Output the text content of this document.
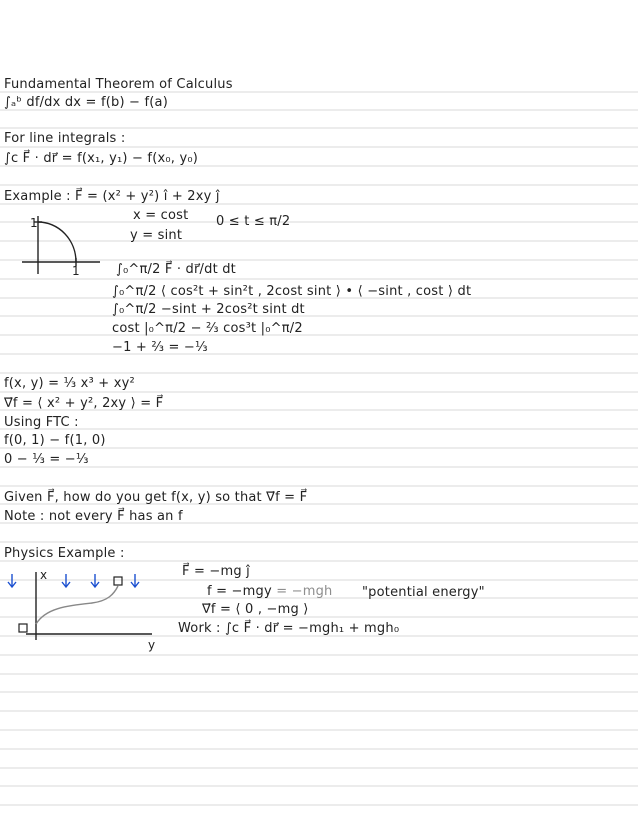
Fundamental Theorem of Calculus
∫ₐᵇ df/dx dx = f(b) − f(a)
For line integrals :
∫c F⃗ · dr⃗ = f(x₁, y₁) − f(x₀, y₀)
Example : F⃗ = (x² + y²) î + 2xy ĵ
1
1
x = cost
y = sint
0 ≤ t ≤ π/2
∫₀^π/2 F⃗ · dr⃗/dt dt
∫₀^π/2 ⟨ cos²t + sin²t , 2cost sint ⟩ • ⟨ −sint , cost ⟩ dt
∫₀^π/2 −sint + 2cos²t sint dt
cost |₀^π/2 − ⅔ cos³t |₀^π/2
−1 + ⅔ = −⅓
f(x, y) = ⅓ x³ + xy²
∇⃗f = ⟨ x² + y², 2xy ⟩ = F⃗
Using FTC :
f(0, 1) − f(1, 0)
0 − ⅓ = −⅓
Given F⃗, how do you get f(x, y) so that ∇⃗f = F⃗
Note : not every F⃗ has an f
Physics Example :
x
y
F⃗ = −mg ĵ
f = −mgy = −mgh "potential energy"
∇⃗f = ⟨ 0 , −mg ⟩
Work : ∫c F⃗ · dr⃗ = −mgh₁ + mgh₀
